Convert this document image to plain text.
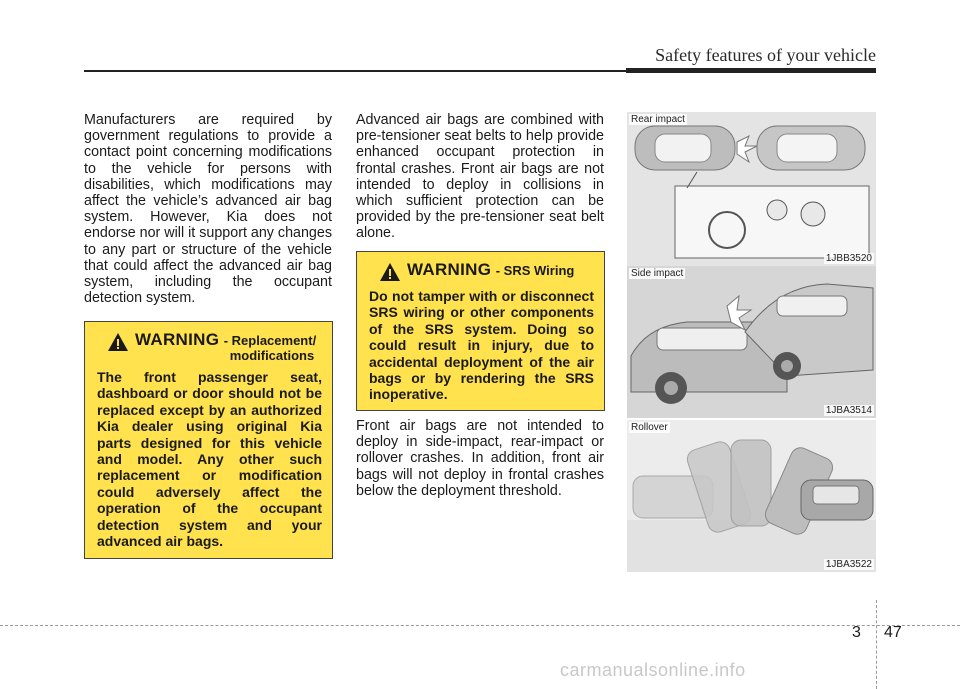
Safety features of your vehicle
Manufacturers are required by government regulations to provide a contact point concerning modifications to the vehicle for persons with disabilities, which modifications may affect the vehicle’s advanced air bag system. However, Kia does not endorse nor will it support any changes to any part or structure of the vehicle that could affect the advanced air bag system, including the occupant detection system.
WARNING - Replacement/
modifications
The front passenger seat, dashboard or door should not be replaced except by an authorized Kia dealer using original Kia parts designed for this vehicle and model. Any other such replacement or modification could adversely affect the operation of the occupant detection system and your advanced air bags.
Advanced air bags are combined with pre-tensioner seat belts to help provide enhanced occupant protection in frontal crashes. Front air bags are not intended to deploy in collisions in which sufficient protection can be provided by the pre-tensioner seat belt alone.
WARNING - SRS Wiring
Do not tamper with or disconnect SRS wiring or other components of the SRS system. Doing so could result in injury, due to accidental deployment of the air bags or by rendering the SRS inoperative.
Front air bags are not intended to deploy in side-impact, rear-impact or rollover crashes. In addition, front air bags will not deploy in frontal crashes below the deployment threshold.
Rear impact
1JBB3520
Side impact
1JBA3514
Rollover
1JBA3522
3 47
carmanualsonline.info
